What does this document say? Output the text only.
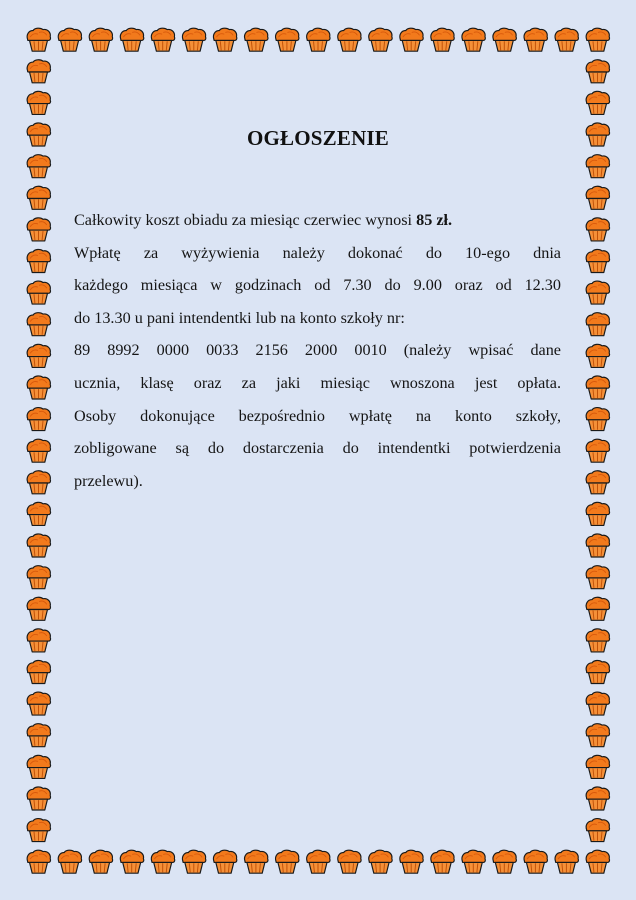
OGŁOSZENIE
Całkowity koszt obiadu za miesiąc czerwiec wynosi 85 zł.
Wpłatę za wyżywienia należy dokonać do 10-ego dnia
każdego miesiąca w godzinach od 7.30 do 9.00 oraz od 12.30
do 13.30 u pani intendentki lub na konto szkoły nr:
89 8992 0000 0033 2156 2000 0010 (należy wpisać dane
ucznia, klasę oraz za jaki miesiąc wnoszona jest opłata.
Osoby dokonujące bezpośrednio wpłatę na konto szkoły,
zobligowane są do dostarczenia do intendentki potwierdzenia
przelewu).
